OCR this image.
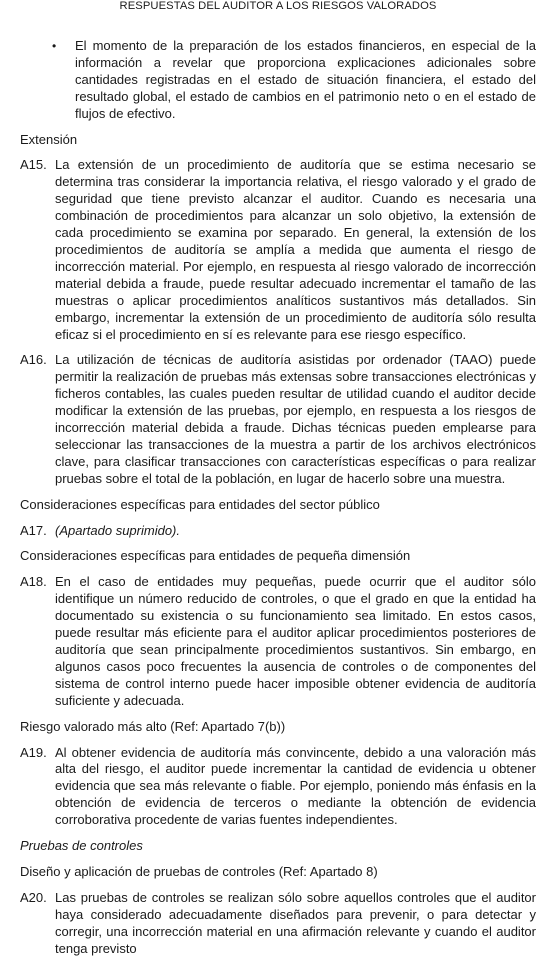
RESPUESTAS DEL AUDITOR A LOS RIESGOS VALORADOS
•	El momento de la preparación de los estados financieros, en especial de la información a revelar que proporciona explicaciones adicionales sobre cantidades registradas en el estado de situación financiera, el estado del resultado global, el estado de cambios en el patrimonio neto o en el estado de flujos de efectivo.
Extensión
A15. La extensión de un procedimiento de auditoría que se estima necesario se determina tras considerar la importancia relativa, el riesgo valorado y el grado de seguridad que tiene previsto alcanzar el auditor. Cuando es necesaria una combinación de procedimientos para alcanzar un solo objetivo, la extensión de cada procedimiento se examina por separado. En general, la extensión de los procedimientos de auditoría se amplía a medida que aumenta el riesgo de incorrección material. Por ejemplo, en respuesta al riesgo valorado de incorrección material debida a fraude, puede resultar adecuado incrementar el tamaño de las muestras o aplicar procedimientos analíticos sustantivos más detallados. Sin embargo, incrementar la extensión de un procedimiento de auditoría sólo resulta eficaz si el procedimiento en sí es relevante para ese riesgo específico.
A16. La utilización de técnicas de auditoría asistidas por ordenador (TAAO) puede permitir la realización de pruebas más extensas sobre transacciones electrónicas y ficheros contables, las cuales pueden resultar de utilidad cuando el auditor decide modificar la extensión de las pruebas, por ejemplo, en respuesta a los riesgos de incorrección material debida a fraude. Dichas técnicas pueden emplearse para seleccionar las transacciones de la muestra a partir de los archivos electrónicos clave, para clasificar transacciones con características específicas o para realizar pruebas sobre el total de la población, en lugar de hacerlo sobre una muestra.
Consideraciones específicas para entidades del sector público
A17. (Apartado suprimido).
Consideraciones específicas para entidades de pequeña dimensión
A18. En el caso de entidades muy pequeñas, puede ocurrir que el auditor sólo identifique un número reducido de controles, o que el grado en que la entidad ha documentado su existencia o su funcionamiento sea limitado. En estos casos, puede resultar más eficiente para el auditor aplicar procedimientos posteriores de auditoría que sean principalmente procedimientos sustantivos. Sin embargo, en algunos casos poco frecuentes la ausencia de controles o de componentes del sistema de control interno puede hacer imposible obtener evidencia de auditoría suficiente y adecuada.
Riesgo valorado más alto (Ref: Apartado 7(b))
A19. Al obtener evidencia de auditoría más convincente, debido a una valoración más alta del riesgo, el auditor puede incrementar la cantidad de evidencia u obtener evidencia que sea más relevante o fiable. Por ejemplo, poniendo más énfasis en la obtención de evidencia de terceros o mediante la obtención de evidencia corroborativa procedente de varias fuentes independientes.
Pruebas de controles
Diseño y aplicación de pruebas de controles (Ref: Apartado 8)
A20. Las pruebas de controles se realizan sólo sobre aquellos controles que el auditor haya considerado adecuadamente diseñados para prevenir, o para detectar y corregir, una incorrección material en una afirmación relevante y cuando el auditor tenga previsto
